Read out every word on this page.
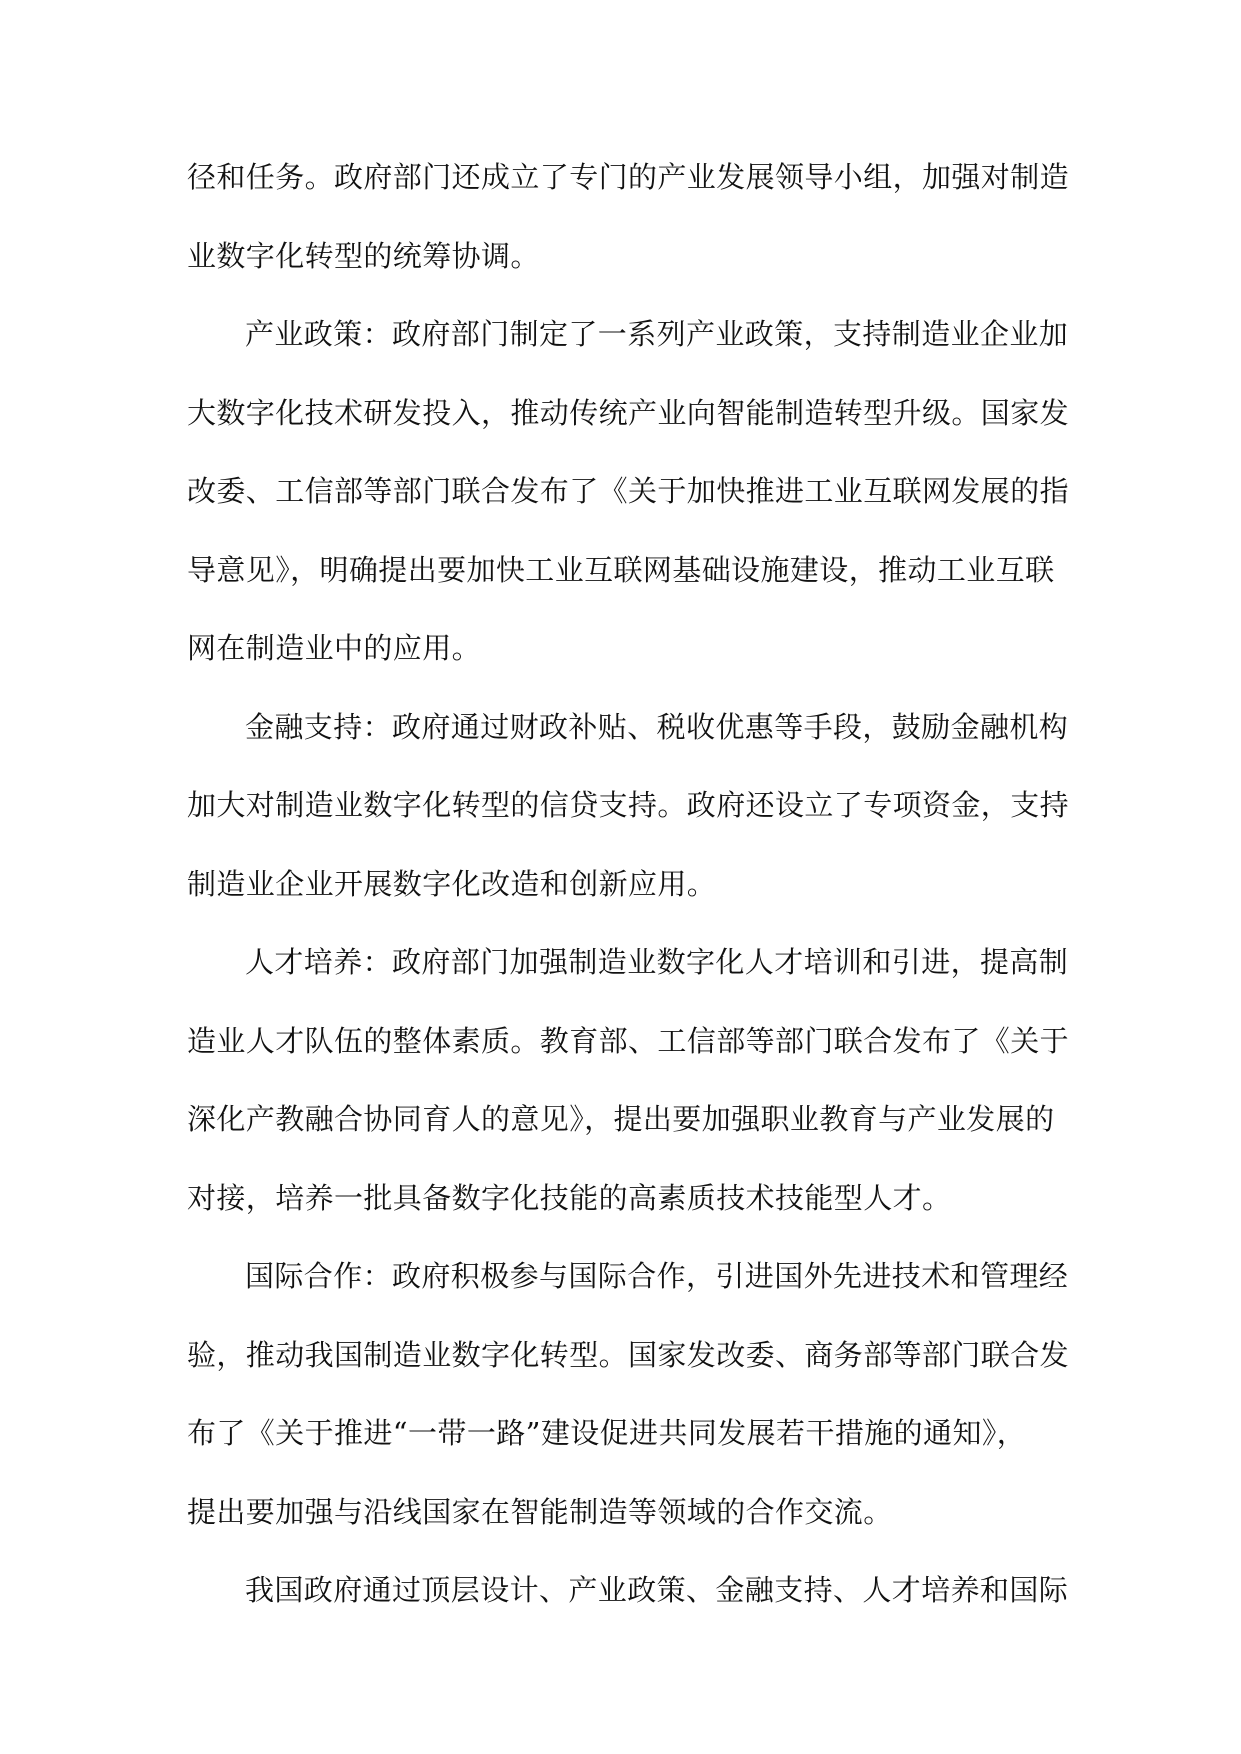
径和任务。政府部门还成立了专门的产业发展领导小组，加强对制造
业数字化转型的统筹协调。
产业政策：政府部门制定了一系列产业政策，支持制造业企业加
大数字化技术研发投入，推动传统产业向智能制造转型升级。国家发
改委、工信部等部门联合发布了《关于加快推进工业互联网发展的指
导意见》，明确提出要加快工业互联网基础设施建设，推动工业互联
网在制造业中的应用。
金融支持：政府通过财政补贴、税收优惠等手段，鼓励金融机构
加大对制造业数字化转型的信贷支持。政府还设立了专项资金，支持
制造业企业开展数字化改造和创新应用。
人才培养：政府部门加强制造业数字化人才培训和引进，提高制
造业人才队伍的整体素质。教育部、工信部等部门联合发布了《关于
深化产教融合协同育人的意见》，提出要加强职业教育与产业发展的
对接，培养一批具备数字化技能的高素质技术技能型人才。
国际合作：政府积极参与国际合作，引进国外先进技术和管理经
验，推动我国制造业数字化转型。国家发改委、商务部等部门联合发
布了《关于推进“一带一路”建设促进共同发展若干措施的通知》，
提出要加强与沿线国家在智能制造等领域的合作交流。
我国政府通过顶层设计、产业政策、金融支持、人才培养和国际
